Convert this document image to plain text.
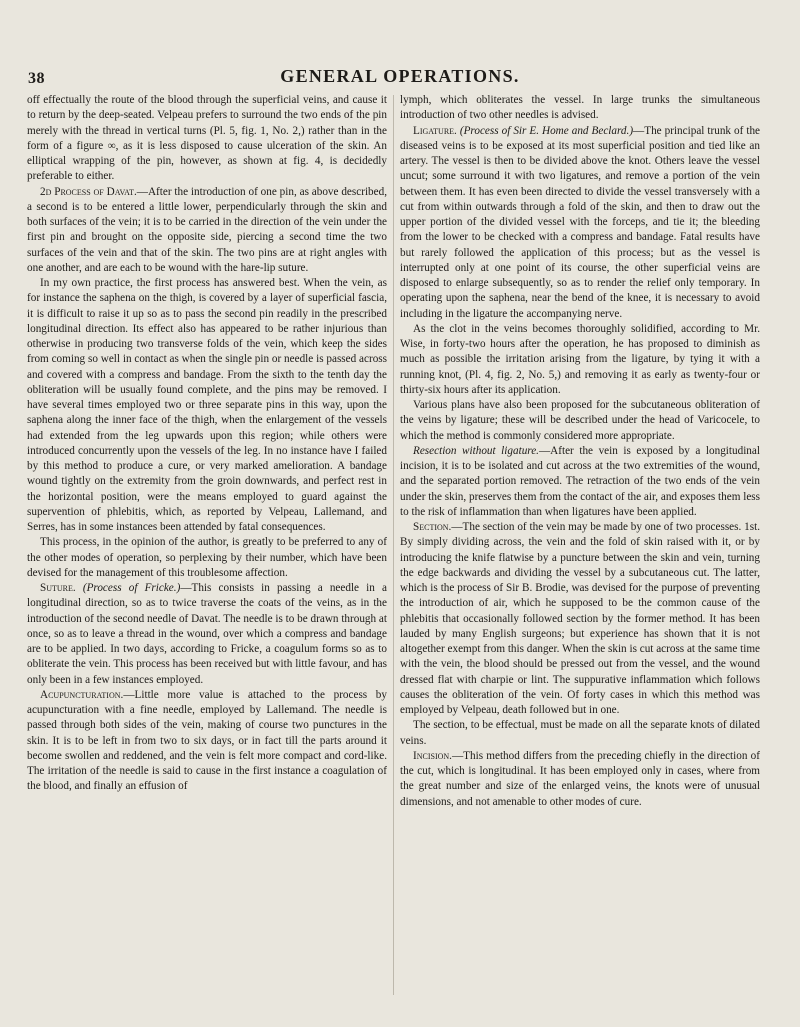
38	GENERAL OPERATIONS.

off effectually the route of the blood through the superficial veins, and cause it to return by the deep-seated. Velpeau prefers to surround the two ends of the pin merely with the thread in vertical turns (Pl. 5, fig. 1, No. 2,) rather than in the form of a figure ∞, as it is less disposed to cause ulceration of the skin. An elliptical wrapping of the pin, however, as shown at fig. 4, is decidedly preferable to either.

2d Process of Davat.—After the introduction of one pin, as above described, a second is to be entered a little lower, perpendicularly through the skin and both surfaces of the vein; it is to be carried in the direction of the vein under the first pin and brought on the opposite side, piercing a second time the two surfaces of the vein and that of the skin. The two pins are at right angles with one another, and are each to be wound with the hare-lip suture.

In my own practice, the first process has answered best. When the vein, as for instance the saphena on the thigh, is covered by a layer of superficial fascia, it is difficult to raise it up so as to pass the second pin readily in the prescribed longitudinal direction. Its effect also has appeared to be rather injurious than otherwise in producing two transverse folds of the vein, which keep the sides from coming so well in contact as when the single pin or needle is passed across and covered with a compress and bandage. From the sixth to the tenth day the obliteration will be usually found complete, and the pins may be removed. I have several times employed two or three separate pins in this way, upon the saphena along the inner face of the thigh, when the enlargement of the vessels had extended from the leg upwards upon this region; while others were introduced concurrently upon the vessels of the leg. In no instance have I failed by this method to produce a cure, or very marked amelioration. A bandage wound tightly on the extremity from the groin downwards, and perfect rest in the horizontal position, were the means employed to guard against the supervention of phlebitis, which, as reported by Velpeau, Lallemand, and Serres, has in some instances been attended by fatal consequences.

This process, in the opinion of the author, is greatly to be preferred to any of the other modes of operation, so perplexing by their number, which have been devised for the management of this troublesome affection.

Suture. (Process of Fricke.)—This consists in passing a needle in a longitudinal direction, so as to twice traverse the coats of the veins, as in the introduction of the second needle of Davat. The needle is to be drawn through at once, so as to leave a thread in the wound, over which a compress and bandage are to be applied. In two days, according to Fricke, a coagulum forms so as to obliterate the vein. This process has been received but with little favour, and has only been in a few instances employed.

Acupuncturation.—Little more value is attached to the process by acupuncturation with a fine needle, employed by Lallemand. The needle is passed through both sides of the vein, making of course two punctures in the skin. It is to be left in from two to six days, or in fact till the parts around it become swollen and reddened, and the vein is felt more compact and cord-like. The irritation of the needle is said to cause in the first instance a coagulation of the blood, and finally an effusion of

lymph, which obliterates the vessel. In large trunks the simultaneous introduction of two other needles is advised.

Ligature. (Process of Sir E. Home and Beclard.)—The principal trunk of the diseased veins is to be exposed at its most superficial position and tied like an artery. The vessel is then to be divided above the knot. Others leave the vessel uncut; some surround it with two ligatures, and remove a portion of the vein between them. It has even been directed to divide the vessel transversely with a cut from within outwards through a fold of the skin, and then to draw out the upper portion of the divided vessel with the forceps, and tie it; the bleeding from the lower to be checked with a compress and bandage. Fatal results have but rarely followed the application of this process; but as the vessel is interrupted only at one point of its course, the other superficial veins are disposed to enlarge subsequently, so as to render the relief only temporary. In operating upon the saphena, near the bend of the knee, it is necessary to avoid including in the ligature the accompanying nerve.

As the clot in the veins becomes thoroughly solidified, according to Mr. Wise, in forty-two hours after the operation, he has proposed to diminish as much as possible the irritation arising from the ligature, by tying it with a running knot, (Pl. 4, fig. 2, No. 5,) and removing it as early as twenty-four or thirty-six hours after its application.

Various plans have also been proposed for the subcutaneous obliteration of the veins by ligature; these will be described under the head of Varicocele, to which the method is commonly considered more appropriate.

Resection without ligature.—After the vein is exposed by a longitudinal incision, it is to be isolated and cut across at the two extremities of the wound, and the separated portion removed. The retraction of the two ends of the vein under the skin, preserves them from the contact of the air, and exposes them less to the risk of inflammation than when ligatures have been applied.

Section.—The section of the vein may be made by one of two processes. 1st. By simply dividing across, the vein and the fold of skin raised with it, or by introducing the knife flatwise by a puncture between the skin and vein, turning the edge backwards and dividing the vessel by a subcutaneous cut. The latter, which is the process of Sir B. Brodie, was devised for the purpose of preventing the introduction of air, which he supposed to be the common cause of the phlebitis that occasionally followed section by the former method. It has been lauded by many English surgeons; but experience has shown that it is not altogether exempt from this danger. When the skin is cut across at the same time with the vein, the blood should be pressed out from the vessel, and the wound dressed flat with charpie or lint. The suppurative inflammation which follows causes the obliteration of the vein. Of forty cases in which this method was employed by Velpeau, death followed but in one.

The section, to be effectual, must be made on all the separate knots of dilated veins.

Incision.—This method differs from the preceding chiefly in the direction of the cut, which is longitudinal. It has been employed only in cases, where from the great number and size of the enlarged veins, the knots were of unusual dimensions, and not amenable to other modes of cure.
